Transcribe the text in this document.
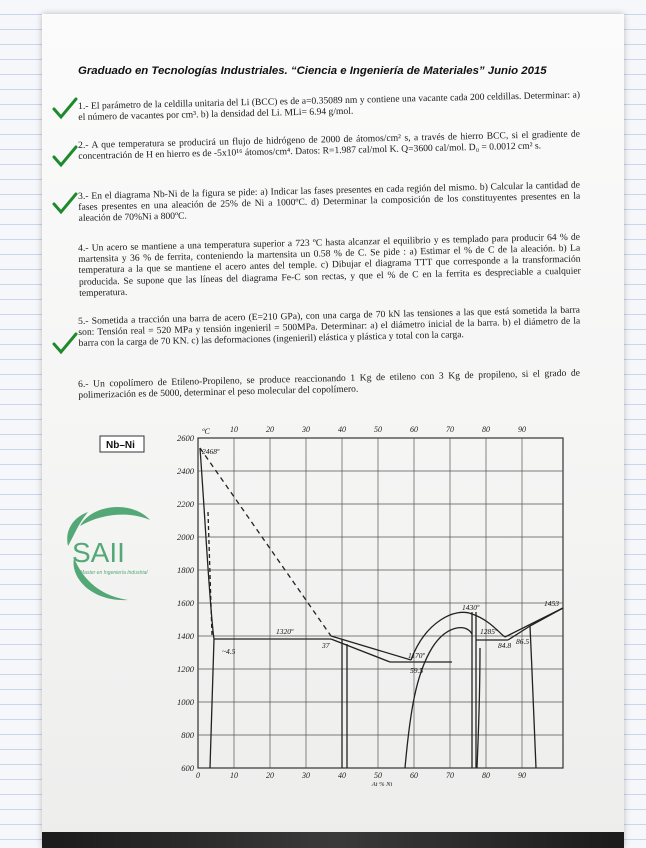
Graduado en Tecnologías Industriales. “Ciencia e Ingeniería de Materiales” Junio 2015
1.- El parámetro de la celdilla unitaria del Li (BCC) es de a=0.35089 nm y contiene una vacante cada 200 celdillas. Determinar: a) el número de vacantes por cm³. b) la densidad del Li. MLi= 6.94 g/mol.
2.- A que temperatura se producirá un flujo de hidrógeno de 2000 de átomos/cm² s, a través de hierro BCC, si el gradiente de concentración de H en hierro es de -5x10¹⁶ átomos/cm⁴. Datos: R=1.987 cal/mol K. Q=3600 cal/mol. D₀ = 0.0012 cm² s.
3.- En el diagrama Nb-Ni de la figura se pide: a) Indicar las fases presentes en cada región del mismo. b) Calcular la cantidad de fases presentes en una aleación de 25% de Ni a 1000ºC. d) Determinar la composición de los constituyentes presentes en la aleación de 70%Ni a 800ºC.
4.- Un acero se mantiene a una temperatura superior a 723 ºC hasta alcanzar el equilibrio y es templado para producir 64 % de martensita y 36 % de ferrita, conteniendo la martensita un 0.58 % de C. Se pide : a) Estimar el % de C de la aleación. b) La temperatura a la que se mantiene el acero antes del temple. c) Dibujar el diagrama TTT que corresponde a la transformación producida. Se supone que las líneas del diagrama Fe-C son rectas, y que el % de C en la ferrita es despreciable a cualquier temperatura.
5.- Sometida a tracción una barra de acero (E=210 GPa), con una carga de 70 kN las tensiones a las que está sometida la barra son: Tensión real = 520 MPa y tensión ingenieril = 500MPa. Determinar: a) el diámetro inicial de la barra. b) el diámetro de la barra con la carga de 70 KN. c) las deformaciones (ingenieril) elástica y plástica y total con la carga.
6.- Un copolímero de Etileno-Propileno, se produce reaccionando 1 Kg de etileno con 3 Kg de propileno, si el grado de polimerización es de 5000, determinar el peso molecular del copolímero.
Nb–Ni
2600
2400
2200
2000
1800
1600
1400
1200
1000
800
600
ºC	10	20	30	40	50	60	70	80	90
0	10	20	30	40	50	60	70	80	90
At % Ni
2468º
1320º
37
~4.5	1170º
59.5
1430º
1285º
84.8 86.5
1453
SAII
Master en Ingeniería Industrial
